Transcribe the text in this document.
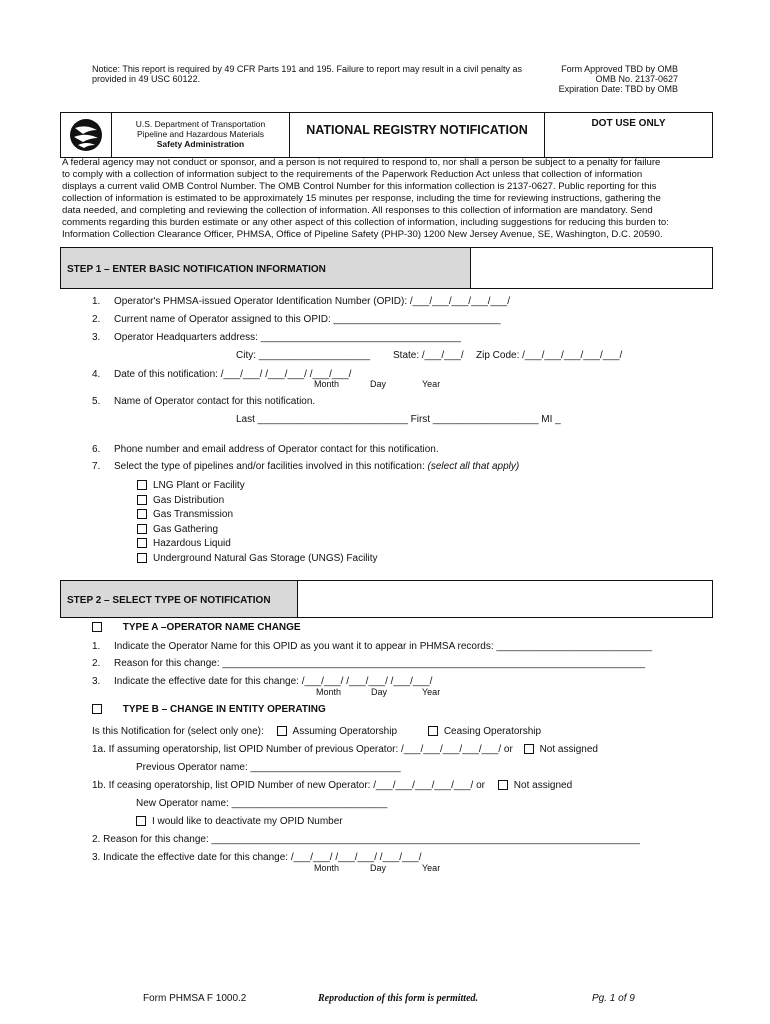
Notice: This report is required by 49 CFR Parts 191 and 195. Failure to report may result in a civil penalty as
provided in 49 USC 60122.
Form Approved TBD by OMB
OMB No. 2137-0627
Expiration Date: TBD by OMB
U.S. Department of Transportation
Pipeline and Hazardous Materials
Safety Administration
NATIONAL REGISTRY NOTIFICATION	DOT USE ONLY
A federal agency may not conduct or sponsor, and a person is not required to respond to, nor shall a person be subject to a penalty for failure
to comply with a collection of information subject to the requirements of the Paperwork Reduction Act unless that collection of information
displays a current valid OMB Control Number. The OMB Control Number for this information collection is 2137-0627. Public reporting for this
collection of information is estimated to be approximately 15 minutes per response, including the time for reviewing instructions, gathering the
data needed, and completing and reviewing the collection of information. All responses to this collection of information are mandatory. Send
comments regarding this burden estimate or any other aspect of this collection of information, including suggestions for reducing this burden to:
Information Collection Clearance Officer, PHMSA, Office of Pipeline Safety (PHP-30) 1200 New Jersey Avenue, SE, Washington, D.C. 20590.
STEP 1 – ENTER BASIC NOTIFICATION INFORMATION
1. Operator's PHMSA-issued Operator Identification Number (OPID): /___/___/___/___/___/
2. Current name of Operator assigned to this OPID: ______________________________
3. Operator Headquarters address: ____________________________________
City: ____________________ State: /___/___/ Zip Code: /___/___/___/___/___/
4. Date of this notification: /___/___/ /___/___/ /___/___/
Month	Day	Year
5. Name of Operator contact for this notification.
Last ___________________________ First ___________________ MI _
6. Phone number and email address of Operator contact for this notification.
7. Select the type of pipelines and/or facilities involved in this notification: (select all that apply)
LNG Plant or Facility
Gas Distribution
Gas Transmission
Gas Gathering
Hazardous Liquid
Underground Natural Gas Storage (UNGS) Facility
STEP 2 – SELECT TYPE OF NOTIFICATION
TYPE A –OPERATOR NAME CHANGE
1. Indicate the Operator Name for this OPID as you want it to appear in PHMSA records: ____________________________
2. Reason for this change: ____________________________________________________________________________
3. Indicate the effective date for this change: /___/___/ /___/___/ /___/___/
Month	Day	Year
TYPE B – CHANGE IN ENTITY OPERATING
Is this Notification for (select only one):	Assuming Operatorship	Ceasing Operatorship
1a. If assuming operatorship, list OPID Number of previous Operator: /___/___/___/___/___/ or	Not assigned
Previous Operator name: ___________________________
1b. If ceasing operatorship, list OPID Number of new Operator: /___/___/___/___/___/ or	Not assigned
New Operator name: ____________________________
I would like to deactivate my OPID Number
2. Reason for this change: _____________________________________________________________________________
3. Indicate the effective date for this change: /___/___/ /___/___/ /___/___/
Month	Day	Year
Form PHMSA F 1000.2	Reproduction of this form is permitted.	Pg. 1 of 9
